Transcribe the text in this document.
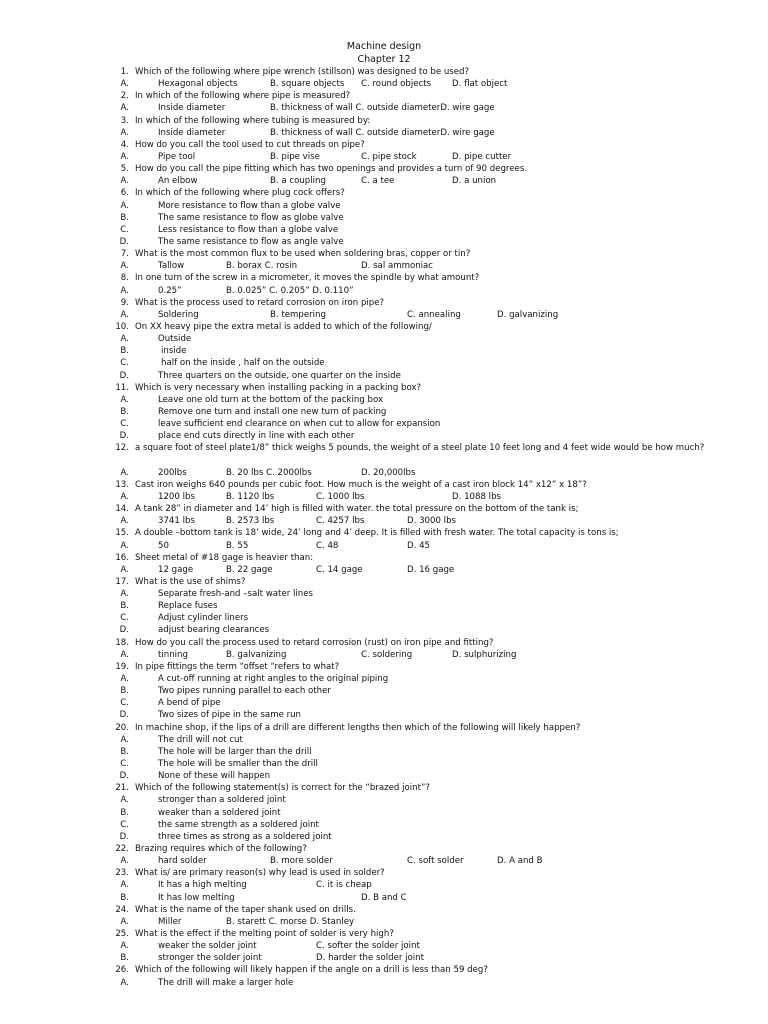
Machine design
Chapter 12
1. Which of the following where pipe wrench (stillson) was designed to be used?
A.	Hexagonal objects	B. square objects C. round objects D. flat object
2. In which of the following where pipe is measured?
A.	Inside diameter	B. thickness of wall C. outside diameterD. wire gage
3. In which of the following where tubing is measured by:
A.	Inside diameter	B. thickness of wall C. outside diameterD. wire gage
4. How do you call the tool used to cut threads on pipe?
A.	Pipe tool	B. pipe vise	C. pipe stock	D. pipe cutter
5. How do you call the pipe fitting which has two openings and provides a turn of 90 degrees.
A.	An elbow	B. a coupling	C. a tee	D. a union
6. In which of the following where plug cock offers?
A.	More resistance to flow than a globe valve
B.	The same resistance to flow as globe valve
C.	Less resistance to flow than a globe valve
D.	The same resistance to flow as angle valve
7. What is the most common flux to be used when soldering bras, copper or tin?
A.	Tallow	B. borax C. rosin	D. sal ammoniac
8. In one turn of the screw in a micrometer, it moves the spindle by what amount?
A.	0.25”	B. 0.025” C. 0.205” D. 0.110”
9. What is the process used to retard corrosion on iron pipe?
A.	Soldering	B. tempering	C. annealing	D. galvanizing
10. On XX heavy pipe the extra metal is added to which of the following/
A.	Outside
B.	inside
C.	half on the inside , half on the outside
D.	Three quarters on the outside, one quarter on the inside
11. Which is very necessary when installing packing in a packing box?
A.	Leave one old turn at the bottom of the packing box
B.	Remove one turn and install one new turn of packing
C.	leave sufficient end clearance on when cut to allow for expansion
D.	place end cuts directly in line with each other
12. a square foot of steel plate1/8” thick weighs 5 pounds, the weight of a steel plate 10 feet long and 4 feet wide would be how much?
A.	200lbs	B. 20 lbs C. 2000lbs	D. 20,000lbs
13. Cast iron weighs 640 pounds per cubic foot. How much is the weight of a cast iron block 14” x12” x 18”?
A.	1200 lbs	B. 1120 lbs	C. 1000 lbs	D. 1088 lbs
14. A tank 28” in diameter and 14’ high is filled with water. the total pressure on the bottom of the tank is;
A.	3741 lbs	B. 2573 lbs	C. 4257 lbs	D. 3000 lbs
15. A double –bottom tank is 18’ wide, 24’ long and 4’ deep. It is filled with fresh water. The total capacity is tons is;
A.	50	B. 55	C. 48	D. 45
16. Sheet metal of #18 gage is heavier than:
A.	12 gage	B. 22 gage	C. 14 gage	D. 16 gage
17. What is the use of shims?
A.	Separate fresh-and –salt water lines
B.	Replace fuses
C.	Adjust cylinder liners
D.	adjust bearing clearances
18. How do you call the process used to retard corrosion (rust) on iron pipe and fitting?
A.	tinning	B. galvanizing	C. soldering	D. sulphurizing
19. In pipe fittings the term “offset “refers to what?
A.	A cut-off running at right angles to the original piping
B.	Two pipes running parallel to each other
C.	A bend of pipe
D.	Two sizes of pipe in the same run
20. In machine shop, if the lips of a drill are different lengths then which of the following will likely happen?
A.	The drill will not cut
B.	The hole will be larger than the drill
C.	The hole will be smaller than the drill
D.	None of these will happen
21. Which of the following statement(s) is correct for the “brazed joint”?
A.	stronger than a soldered joint
B.	weaker than a soldered joint
C.	the same strength as a soldered joint
D.	three times as strong as a soldered joint
22. Brazing requires which of the following?
A.	hard solder	B. more solder	C. soft solder	D. A and B
23. What is/ are primary reason(s) why lead is used in solder?
A.	It has a high melting	C. it is cheap
B.	It has low melting	D. B and C
24. What is the name of the taper shank used on drills.
A.	Miller	B. starett C. morse D. Stanley
25. What is the effect if the melting point of solder is very high?
A.	weaker the solder joint	C. softer the solder joint
B.	stronger the solder joint	D. harder the solder joint
26. Which of the following will likely happen if the angle on a drill is less than 59 deg?
A.	The drill will make a larger hole
